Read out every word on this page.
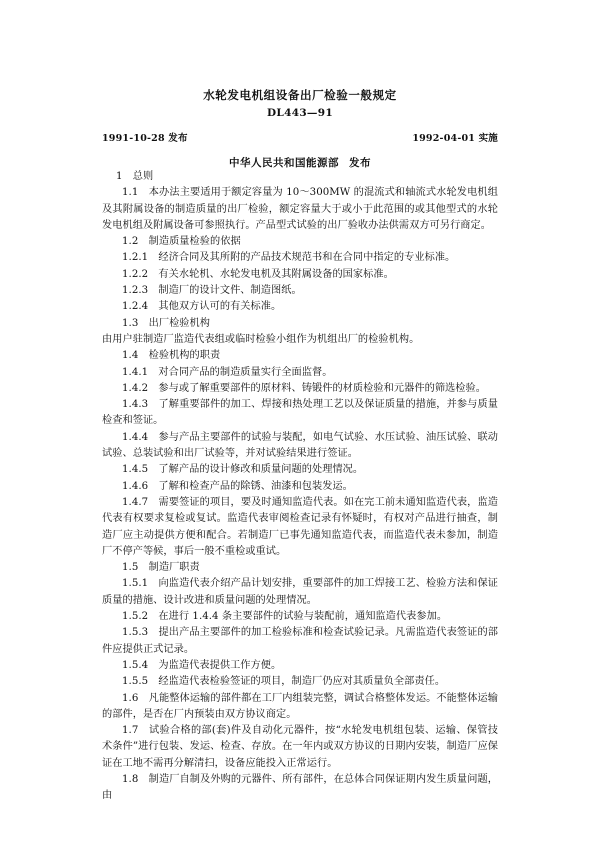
水轮发电机组设备出厂检验一般规定
DL443—91
1991-10-28 发布	1992-04-01 实施
中华人民共和国能源部 发布

1　总则

1.1　本办法主要适用于额定容量为 10～300MW 的混流式和轴流式水轮发电机组及其附属设备的制造质量的出厂检验，额定容量大于或小于此范围的或其他型式的水轮发电机组及附属设备可参照执行。产品型式试验的出厂验收办法供需双方可另行商定。

1.2　制造质量检验的依据

1.2.1　经济合同及其所附的产品技术规范书和在合同中指定的专业标准。

1.2.2　有关水轮机、水轮发电机及其附属设备的国家标准。

1.2.3　制造厂的设计文件、制造图纸。

1.2.4　其他双方认可的有关标准。

1.3　出厂检验机构

由用户驻制造厂监造代表组或临时检验小组作为机组出厂的检验机构。

1.4　检验机构的职责

1.4.1　对合同产品的制造质量实行全面监督。

1.4.2　参与或了解重要部件的原材料、铸锻件的材质检验和元器件的筛选检验。

1.4.3　了解重要部件的加工、焊接和热处理工艺以及保证质量的措施，并参与质量检查和签证。

1.4.4　参与产品主要部件的试验与装配，如电气试验、水压试验、油压试验、联动试验、总装试验和出厂试验等，并对试验结果进行签证。

1.4.5　了解产品的设计修改和质量问题的处理情况。

1.4.6　了解和检查产品的除锈、油漆和包装发运。

1.4.7　需要签证的项目，要及时通知监造代表。如在完工前未通知监造代表，监造代表有权要求复检或复试。监造代表审阅检查记录有怀疑时，有权对产品进行抽查，制造厂应主动提供方便和配合。若制造厂已事先通知监造代表，而监造代表未参加，制造厂不停产等候，事后一般不重检或重试。

1.5　制造厂职责

1.5.1　向监造代表介绍产品计划安排，重要部件的加工焊接工艺、检验方法和保证质量的措施、设计改进和质量问题的处理情况。

1.5.2　在进行 1.4.4 条主要部件的试验与装配前，通知监造代表参加。

1.5.3　提出产品主要部件的加工检验标准和检查试验记录。凡需监造代表签证的部件应提供正式记录。

1.5.4　为监造代表提供工作方便。

1.5.5　经监造代表检验签证的项目，制造厂仍应对其质量负全部责任。

1.6　凡能整体运输的部件都在工厂内组装完整，调试合格整体发运。不能整体运输的部件，是否在厂内预装由双方协议商定。

1.7　试验合格的部(套)件及自动化元器件，按“水轮发电机组包装、运输、保管技术条件”进行包装、发运、检查、存放。在一年内或双方协议的日期内安装，制造厂应保证在工地不需再分解清扫，设备应能投入正常运行。

1.8　制造厂自制及外购的元器件、所有部件，在总体合同保证期内发生质量问题，由
